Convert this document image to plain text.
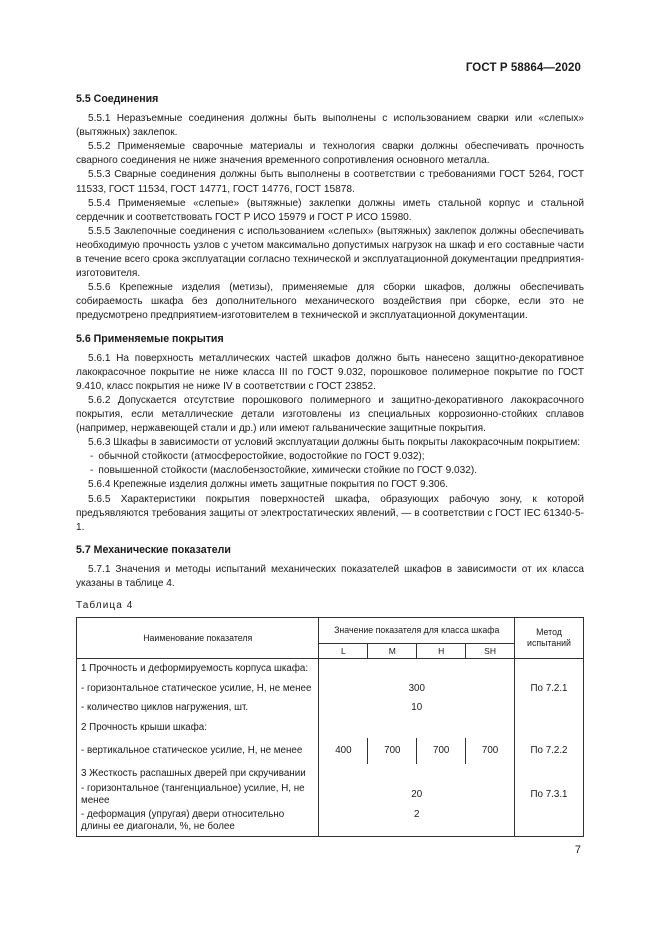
ГОСТ Р 58864—2020
5.5 Соединения

5.5.1 Неразъемные соединения должны быть выполнены с использованием сварки или «слепых» (вытяжных) заклепок.

5.5.2 Применяемые сварочные материалы и технология сварки должны обеспечивать прочность сварного соединения не ниже значения временного сопротивления основного металла.

5.5.3 Сварные соединения должны быть выполнены в соответствии с требованиями ГОСТ 5264, ГОСТ 11533, ГОСТ 11534, ГОСТ 14771, ГОСТ 14776, ГОСТ 15878.

5.5.4 Применяемые «слепые» (вытяжные) заклепки должны иметь стальной корпус и стальной сердечник и соответствовать ГОСТ Р ИСО 15979 и ГОСТ Р ИСО 15980.

5.5.5 Заклепочные соединения с использованием «слепых» (вытяжных) заклепок должны обеспечивать необходимую прочность узлов с учетом максимально допустимых нагрузок на шкаф и его составные части в течение всего срока эксплуатации согласно технической и эксплуатационной документации предприятия-изготовителя.

5.5.6 Крепежные изделия (метизы), применяемые для сборки шкафов, должны обеспечивать собираемость шкафа без дополнительного механического воздействия при сборке, если это не предусмотрено предприятием-изготовителем в технической и эксплуатационной документации.

5.6 Применяемые покрытия

5.6.1 На поверхность металлических частей шкафов должно быть нанесено защитно-декоративное лакокрасочное покрытие не ниже класса III по ГОСТ 9.032, порошковое полимерное покрытие по ГОСТ 9.410, класс покрытия не ниже IV в соответствии с ГОСТ 23852.

5.6.2 Допускается отсутствие порошкового полимерного и защитно-декоративного лакокрасочного покрытия, если металлические детали изготовлены из специальных коррозионно-стойких сплавов (например, нержавеющей стали и др.) или имеют гальванические защитные покрытия.

5.6.3 Шкафы в зависимости от условий эксплуатации должны быть покрыты лакокрасочным покрытием:

- обычной стойкости (атмосферостойкие, водостойкие по ГОСТ 9.032);
- повышенной стойкости (маслобензостойкие, химически стойкие по ГОСТ 9.032).

5.6.4 Крепежные изделия должны иметь защитные покрытия по ГОСТ 9.306.

5.6.5 Характеристики покрытия поверхностей шкафа, образующих рабочую зону, к которой предъявляются требования защиты от электростатических явлений, — в соответствии с ГОСТ IEC 61340-5-1.

5.7 Механические показатели

5.7.1 Значения и методы испытаний механических показателей шкафов в зависимости от их класса указаны в таблице 4.

Таблица 4
Наименование показателя	Значение показателя для класса шкафа				Метод испытаний
	L	M	H	SH	
1 Прочность и деформируемость корпуса шкафа:					
- горизонтальное статическое усилие, Н, не менее	300				По 7.2.1
- количество циклов нагружения, шт.	10				
2 Прочность крыши шкафа:					
- вертикальное статическое усилие, Н, не менее	400	700	700	700	По 7.2.2
3 Жесткость распашных дверей при скручивании					
- горизонтальное (тангенциальное) усилие, Н, не менее	20				По 7.3.1
- деформация (упругая) двери относительно длины ее диагонали, %, не более	2				
7
